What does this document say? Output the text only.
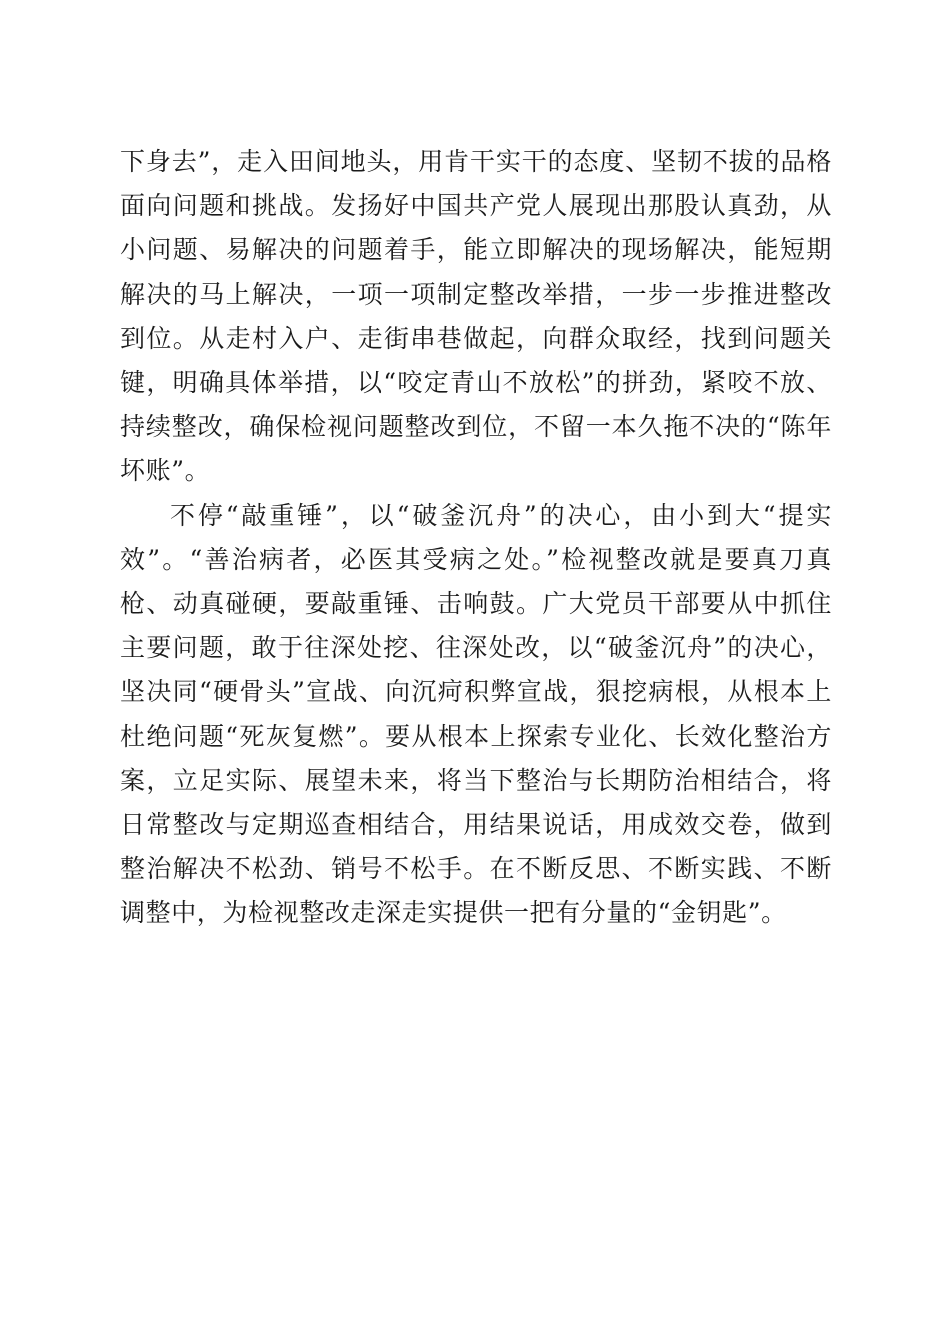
下身去”，走入田间地头，用肯干实干的态度、坚韧不拔的品格面向问题和挑战。发扬好中国共产党人展现出那股认真劲，从小问题、易解决的问题着手，能立即解决的现场解决，能短期解决的马上解决，一项一项制定整改举措，一步一步推进整改到位。从走村入户、走街串巷做起，向群众取经，找到问题关键，明确具体举措，以“咬定青山不放松”的拼劲，紧咬不放、持续整改，确保检视问题整改到位，不留一本久拖不决的“陈年坏账”。

不停“敲重锤”，以“破釜沉舟”的决心，由小到大“提实效”。“善治病者，必医其受病之处。”检视整改就是要真刀真枪、动真碰硬，要敲重锤、击响鼓。广大党员干部要从中抓住主要问题，敢于往深处挖、往深处改，以“破釜沉舟”的决心，坚决同“硬骨头”宣战、向沉疴积弊宣战，狠挖病根，从根本上杜绝问题“死灰复燃”。要从根本上探索专业化、长效化整治方案，立足实际、展望未来，将当下整治与长期防治相结合，将日常整改与定期巡查相结合，用结果说话，用成效交卷，做到整治解决不松劲、销号不松手。在不断反思、不断实践、不断调整中，为检视整改走深走实提供一把有分量的“金钥匙”。
